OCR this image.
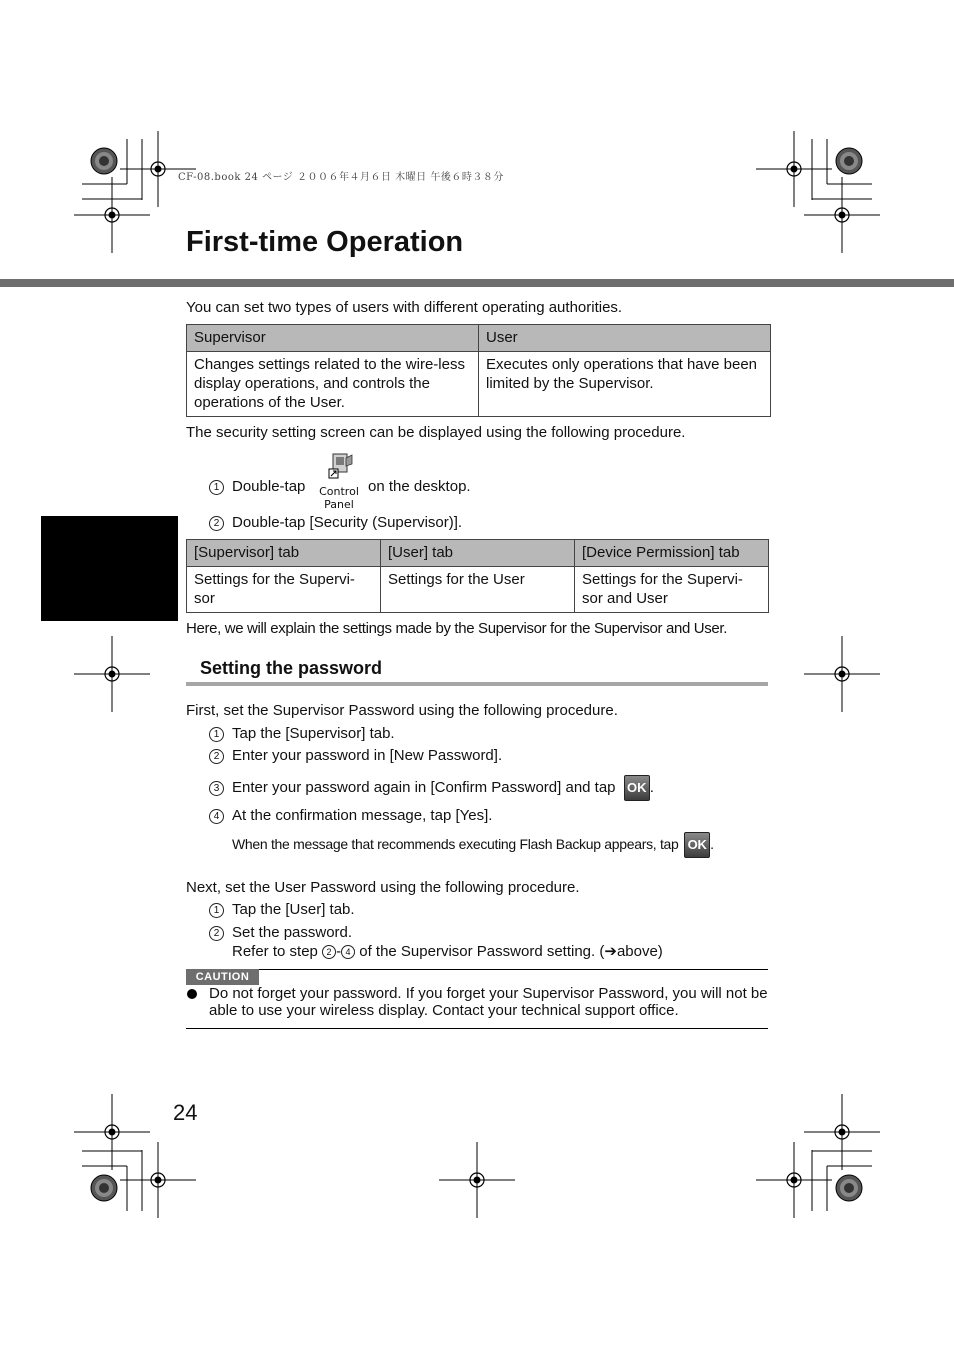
CF-08.book 24 ページ ２００６年４月６日 木曜日 午後６時３８分
First-time Operation
You can set two types of users with different operating authorities.
Supervisor	User
Changes settings related to the wire-less display operations, and controls the operations of the User.	Executes only operations that have been limited by the Supervisor.
The security setting screen can be displayed using the following procedure.
1 Double-tap Control
Panel
on the desktop.
2 Double-tap [Security (Supervisor)].
[Supervisor] tab	[User] tab	[Device Permission] tab
Settings for the Supervi-sor	Settings for the User	Settings for the Supervi-sor and User
Here, we will explain the settings made by the Supervisor for the Supervisor and User.
Setting the password
First, set the Supervisor Password using the following procedure.
1 Tap the [Supervisor] tab.
2 Enter your password in [New Password].
3 Enter your password again in [Confirm Password] and tap OK .
4 At the confirmation message, tap [Yes].
When the message that recommends executing Flash Backup appears, tap OK .
Next, set the User Password using the following procedure.
1 Tap the [User] tab.
2 Set the password.
Refer to step 2 - 4 of the Supervisor Password setting. (➔above)
CAUTION
Do not forget your password. If you forget your Supervisor Password, you will not be able to use your wireless display. Contact your technical support office.
24
